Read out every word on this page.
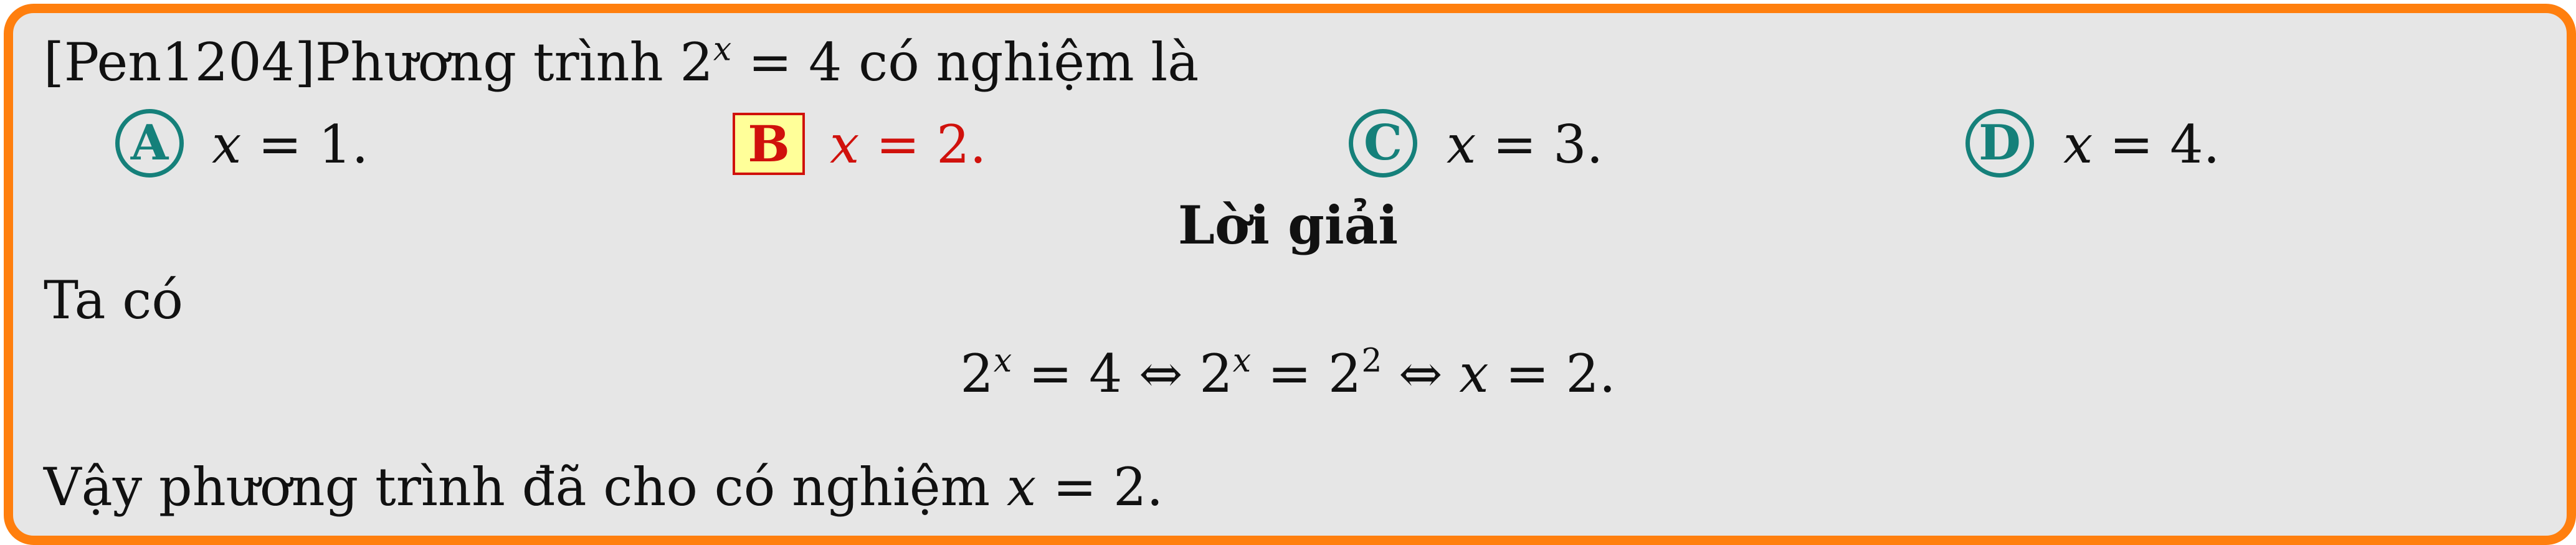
[Pen1204]Phương trình $2^x = 4$ có nghiệm là
A x = 1.	B x = 2.	C x = 3.	D x = 4.
Lời giải
Ta có
$2^x = 4$ ⇔ $2^x = 2^2$ ⇔ x = 2.
Vậy phương trình đã cho có nghiệm x = 2.
